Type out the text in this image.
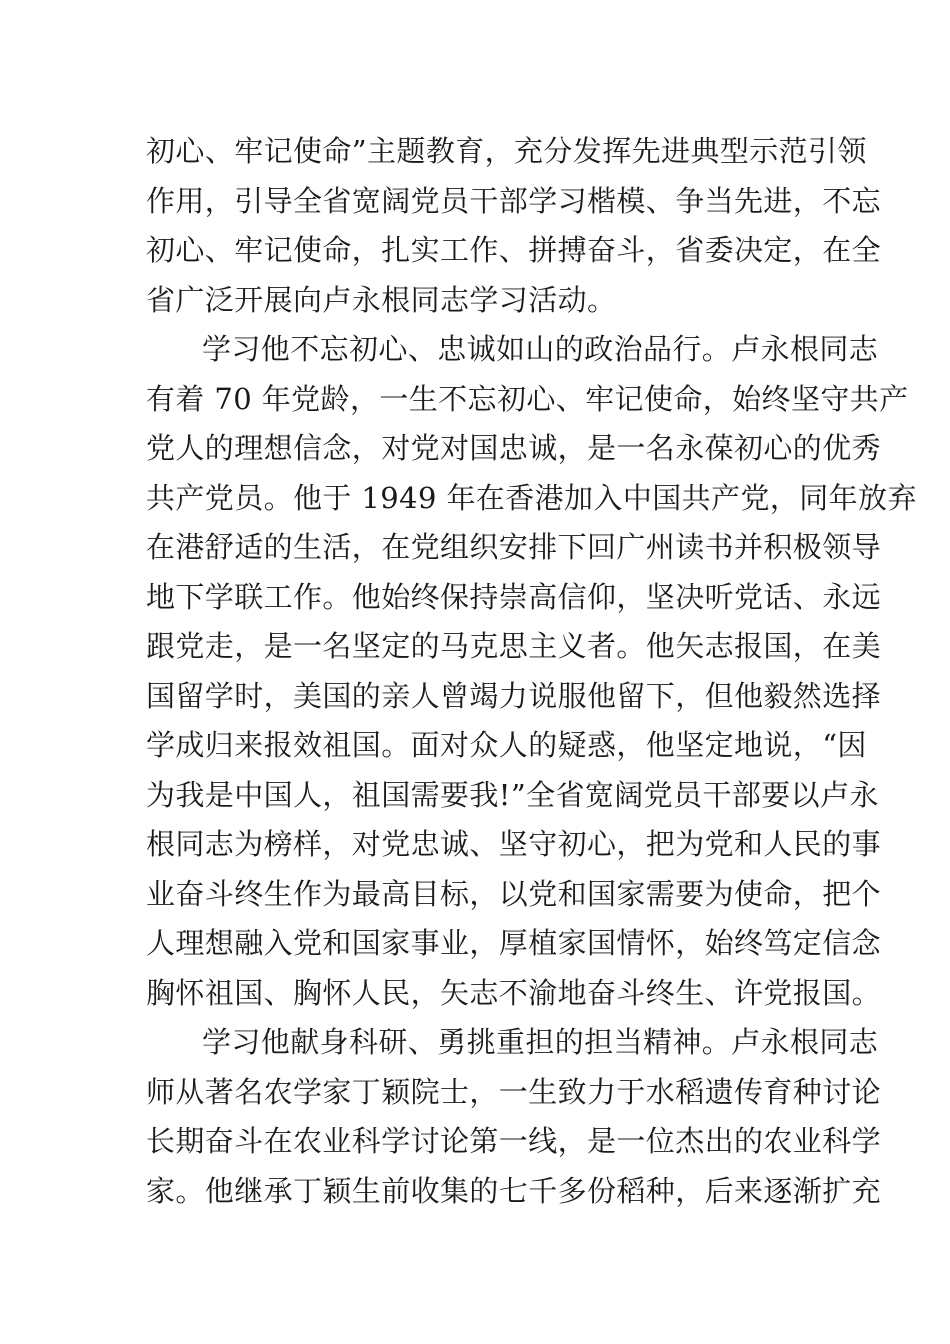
初心、牢记使命”主题教育，充分发挥先进典型示范引领
作用，引导全省宽阔党员干部学习楷模、争当先进，不忘
初心、牢记使命，扎实工作、拼搏奋斗，省委决定，在全
省广泛开展向卢永根同志学习活动。
学习他不忘初心、忠诚如山的政治品行。卢永根同志
有着 70 年党龄，一生不忘初心、牢记使命，始终坚守共产
党人的理想信念，对党对国忠诚，是一名永葆初心的优秀
共产党员。他于 1949 年在香港加入中国共产党，同年放弃
在港舒适的生活，在党组织安排下回广州读书并积极领导
地下学联工作。他始终保持崇高信仰，坚决听党话、永远
跟党走，是一名坚定的马克思主义者。他矢志报国，在美
国留学时，美国的亲人曾竭力说服他留下，但他毅然选择
学成归来报效祖国。面对众人的疑惑，他坚定地说，“因
为我是中国人，祖国需要我!”全省宽阔党员干部要以卢永
根同志为榜样，对党忠诚、坚守初心，把为党和人民的事
业奋斗终生作为最高目标，以党和国家需要为使命，把个
人理想融入党和国家事业，厚植家国情怀，始终笃定信念
胸怀祖国、胸怀人民，矢志不渝地奋斗终生、许党报国。
学习他献身科研、勇挑重担的担当精神。卢永根同志
师从著名农学家丁颖院士，一生致力于水稻遗传育种讨论
长期奋斗在农业科学讨论第一线，是一位杰出的农业科学
家。他继承丁颖生前收集的七千多份稻种，后来逐渐扩充
